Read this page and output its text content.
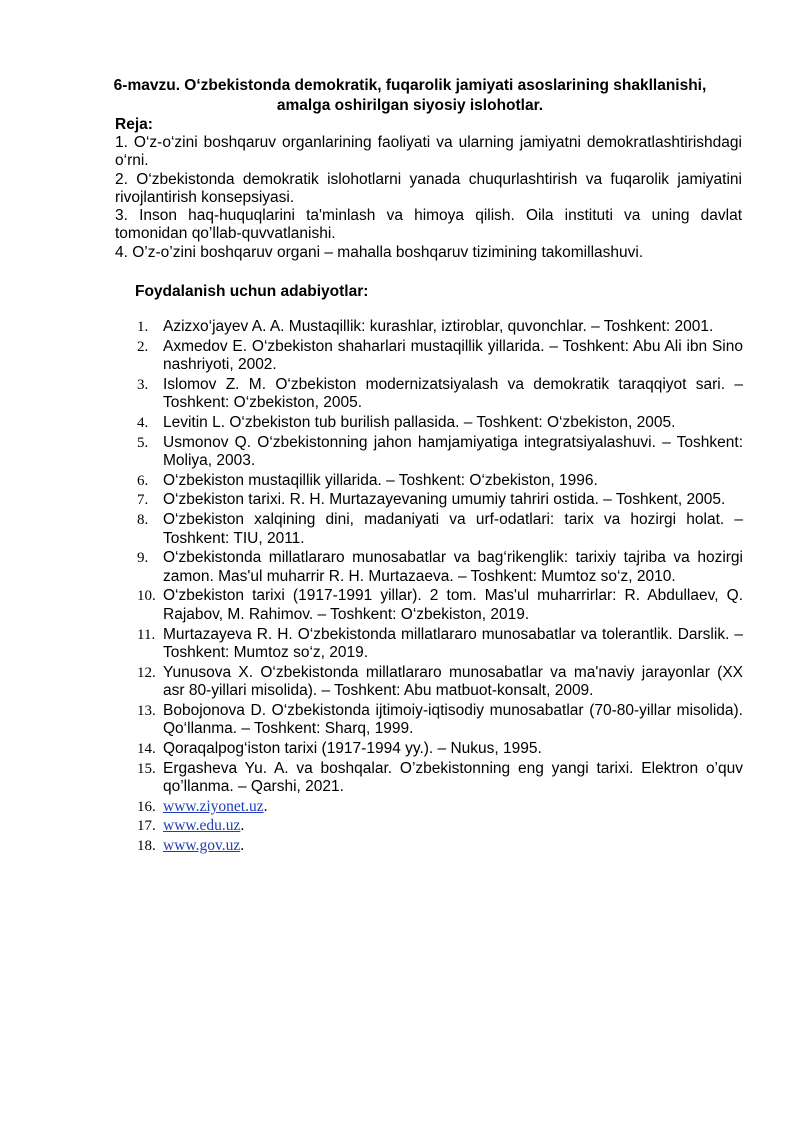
6-mavzu. O‘zbekistonda demokratik, fuqarolik jamiyati asoslarining shakllanishi,
amalga oshirilgan siyosiy islohotlar.
Reja:

1. O‘z-o‘zini boshqaruv organlarining faoliyati va ularning jamiyatni demokratlashtirishdagi o‘rni.

2. O‘zbekistonda demokratik islohotlarni yanada chuqurlashtirish va fuqarolik jamiyatini rivojlantirish konsepsiyasi.

3. Inson haq-huquqlarini ta'minlash va himoya qilish. Oila instituti va uning davlat tomonidan qo’llab-quvvatlanishi.

4. O’z-o’zini boshqaruv organi – mahalla boshqaruv tizimining takomillashuvi.

Foydalanish uchun adabiyotlar:
1. Azizxo‘jayev A. A. Mustaqillik: kurashlar, iztiroblar, quvonchlar. – Toshkent: 2001.
2. Axmedov E. O‘zbekiston shaharlari mustaqillik yillarida. – Toshkent: Abu Ali ibn Sino nashriyoti, 2002.
3. Islomov Z. M. O‘zbekiston modernizatsiyalash va demokratik taraqqiyot sari. – Toshkent: O‘zbekiston, 2005.
4. Levitin L. O‘zbekiston tub burilish pallasida. – Toshkent: O‘zbekiston, 2005.
5. Usmonov Q. O‘zbekistonning jahon hamjamiyatiga integratsiyalashuvi. – Toshkent: Moliya, 2003.
6. O‘zbekiston mustaqillik yillarida. – Toshkent: O‘zbekiston, 1996.
7. O‘zbekiston tarixi. R. H. Murtazayevaning umumiy tahriri ostida. – Toshkent, 2005.
8. O‘zbekiston xalqining dini, madaniyati va urf-odatlari: tarix va hozirgi holat. – Toshkent: TIU, 2011.
9. O‘zbekistonda millatlararo munosabatlar va bag‘rikenglik: tarixiy tajriba va hozirgi zamon. Mas'ul muharrir R. H. Murtazaeva. – Toshkent: Mumtoz so‘z, 2010.
10. O‘zbekiston tarixi (1917-1991 yillar). 2 tom. Mas'ul muharrirlar: R. Abdullaev, Q. Rajabov, M. Rahimov. – Toshkent: O‘zbekiston, 2019.
11. Murtazayeva R. H. O‘zbekistonda millatlararo munosabatlar va tolerantlik. Darslik. – Toshkent: Mumtoz so‘z, 2019.
12. Yunusova X. O‘zbekistonda millatlararo munosabatlar va ma'naviy jarayonlar (XX asr 80-yillari misolida). – Toshkent: Abu matbuot-konsalt, 2009.
13. Bobojonova D. O‘zbekistonda ijtimoiy-iqtisodiy munosabatlar (70-80-yillar misolida). Qo‘llanma. – Toshkent: Sharq, 1999.
14. Qoraqalpog‘iston tarixi (1917-1994 yy.). – Nukus, 1995.
15. Ergasheva Yu. A. va boshqalar. O’zbekistonning eng yangi tarixi. Elektron o’quv qo’llanma. – Qarshi, 2021.
16. www.ziyonet.uz.
17. www.edu.uz.
18. www.gov.uz.
